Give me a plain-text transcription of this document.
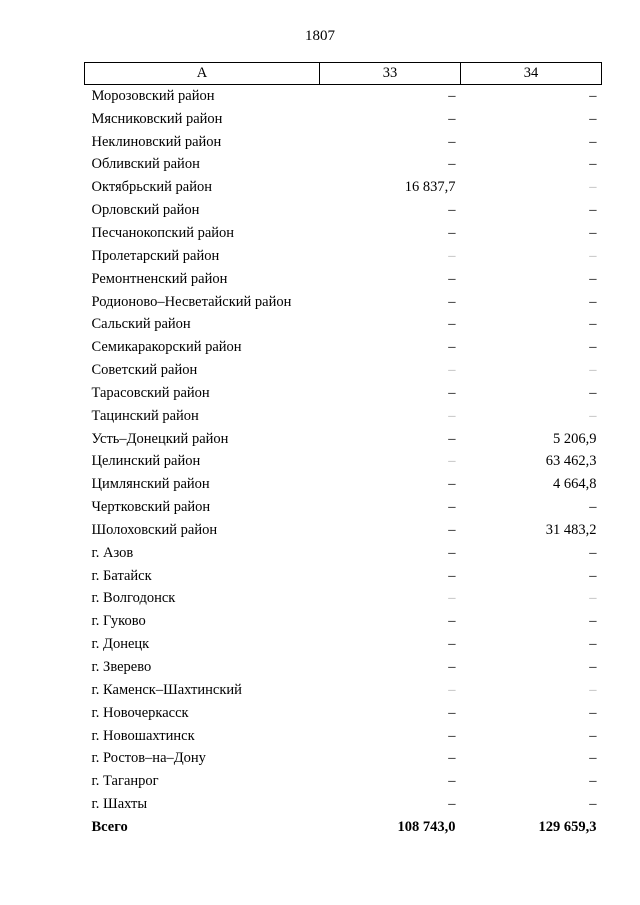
1807
А	33	34
Морозовский район	–	–
Мясниковский район	–	–
Неклиновский район	–	–
Обливский район	–	–
Октябрьский район	16 837,7	–
Орловский район	–	–
Песчанокопский район	–	–
Пролетарский район	–	–
Ремонтненский район	–	–
Родионово–Несветайский район	–	–
Сальский район	–	–
Семикаракорский район	–	–
Советский район	–	–
Тарасовский район	–	–
Тацинский район	–	–
Усть–Донецкий район	–	5 206,9
Целинский район	–	63 462,3
Цимлянский район	–	4 664,8
Чертковский район	–	–
Шолоховский район	–	31 483,2
г. Азов	–	–
г. Батайск	–	–
г. Волгодонск	–	–
г. Гуково	–	–
г. Донецк	–	–
г. Зверево	–	–
г. Каменск–Шахтинский	–	–
г. Новочеркасск	–	–
г. Новошахтинск	–	–
г. Ростов–на–Дону	–	–
г. Таганрог	–	–
г. Шахты	–	–
Всего	108 743,0	129 659,3
